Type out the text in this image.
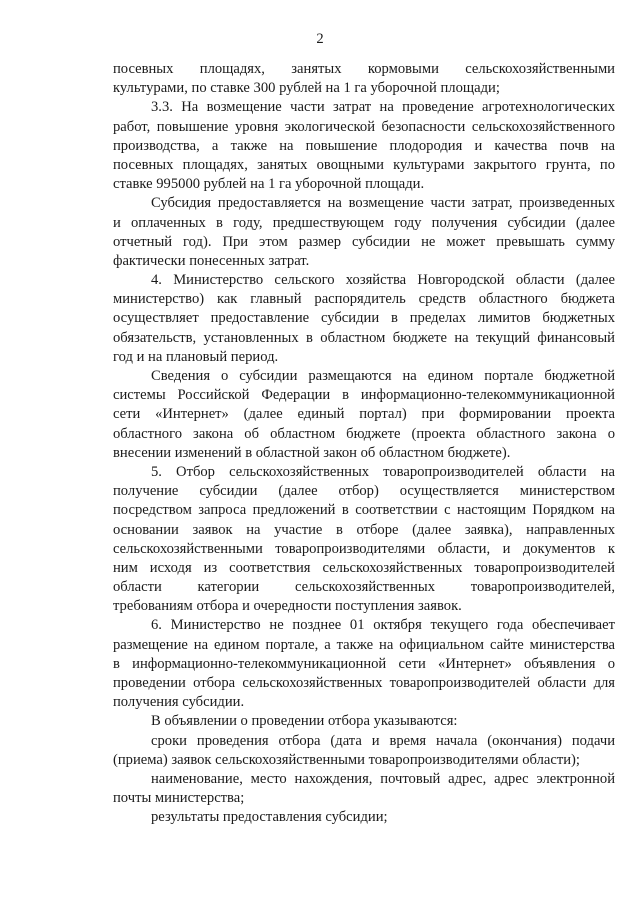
2
посевных площадях, занятых кормовыми сельскохозяйственными
культурами, по ставке 300 рублей на 1 га уборочной площади;
3.3. На возмещение части затрат на проведение агротехнологических
работ, повышение уровня экологической безопасности сельскохозяйственного
производства, а также на повышение плодородия и качества почв на
посевных площадях, занятых овощными культурами закрытого грунта, по
ставке 995000 рублей на 1 га уборочной площади.
Субсидия предоставляется на возмещение части затрат, произведенных
и оплаченных в году, предшествующем году получения субсидии (далее
отчетный год). При этом размер субсидии не может превышать сумму
фактически понесенных затрат.
4. Министерство сельского хозяйства Новгородской области (далее
министерство) как главный распорядитель средств областного бюджета
осуществляет предоставление субсидии в пределах лимитов бюджетных
обязательств, установленных в областном бюджете на текущий финансовый
год и на плановый период.
Сведения о субсидии размещаются на едином портале бюджетной
системы Российской Федерации в информационно-телекоммуникационной
сети «Интернет» (далее единый портал) при формировании проекта
областного закона об областном бюджете (проекта областного закона о
внесении изменений в областной закон об областном бюджете).
5. Отбор сельскохозяйственных товаропроизводителей области на
получение субсидии (далее отбор) осуществляется министерством
посредством запроса предложений в соответствии с настоящим Порядком на
основании заявок на участие в отборе (далее заявка), направленных
сельскохозяйственными товаропроизводителями области, и документов к
ним исходя из соответствия сельскохозяйственных товаропроизводителей
области категории сельскохозяйственных товаропроизводителей,
требованиям отбора и очередности поступления заявок.
6. Министерство не позднее 01 октября текущего года обеспечивает
размещение на едином портале, а также на официальном сайте министерства
в информационно-телекоммуникационной сети «Интернет» объявления о
проведении отбора сельскохозяйственных товаропроизводителей области для
получения субсидии.
В объявлении о проведении отбора указываются:
сроки проведения отбора (дата и время начала (окончания) подачи
(приема) заявок сельскохозяйственными товаропроизводителями области);
наименование, место нахождения, почтовый адрес, адрес электронной
почты министерства;
результаты предоставления субсидии;
